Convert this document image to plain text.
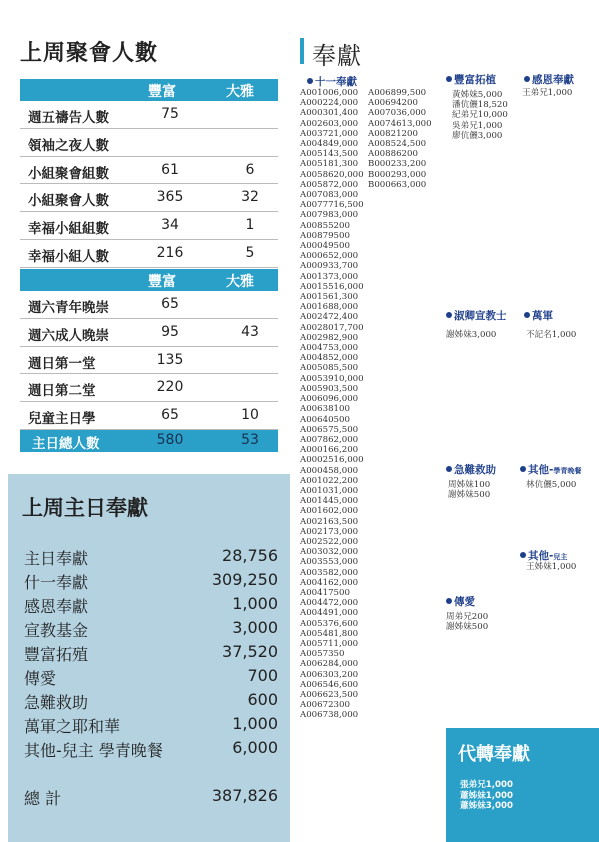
上周聚會人數
豐富	大雅
週五禱告人數	75
領袖之夜人數
小組聚會組數	61	6
小組聚會人數	365	32
幸福小組組數	34	1
幸福小組人數	216	5
豐富	大雅
週六青年晚崇	65
週六成人晚崇	95	43
週日第一堂	135
週日第二堂	220
兒童主日學	65	10
主日總人數	580	53
上周主日奉獻
主日奉獻	28,756
什一奉獻	309,250
感恩奉獻	1,000
宣教基金	3,000
豐富拓殖	37,520
傳愛	700
急難救助	600
萬軍之耶和華	1,000
其他-兒主 學青晚餐	6,000
總 計	387,826
奉獻
十一奉獻
A001006,000
A000224,000
A000301,400
A002603,000
A003721,000
A004849,000
A005143,500
A005181,300
A0058620,000
A005872,000
A007083,000
A0077716,500
A007983,000
A00855200
A00879500
A00049500
A000652,000
A000933,700
A001373,000
A0015516,000
A001561,300
A001688,000
A002472,400
A0028017,700
A002982,900
A004753,000
A004852,000
A005085,500
A0053910,000
A005903,500
A006096,000
A00638100
A00640500
A006575,500
A007862,000
A000166,200
A0002516,000
A000458,000
A001022,200
A001031,000
A001445,000
A001602,000
A002163,500
A002173,000
A002522,000
A003032,000
A003553,000
A003582,000
A004162,000
A00417500
A004472,000
A004491,000
A005376,600
A005481,800
A005711,000
A0057350
A006284,000
A006303,200
A006546,600
A006623,500
A00672300
A006738,000
A006899,500
A00694200
A007036,000
A0074613,000
A00821200
A008524,500
A00886200
B000233,200
B000293,000
B000663,000
豐富拓植
黃姊妹5,000
潘伉儷18,520
紀弟兄10,000
吳弟兄1,000
廖伉儷3,000
感恩奉獻
王弟兄1,000
淑卿宣教士
謝姊妹3,000
萬軍
不記名1,000
急難救助
周姊妹100
謝姊妹500
其他-學青晚餐
林伉儷5,000
其他-兒主
王姊妹1,000
傳愛
周弟兄200
謝姊妹500
代轉奉獻
張弟兄1,000
蕭姊妹1,000
蕭姊妹3,000
